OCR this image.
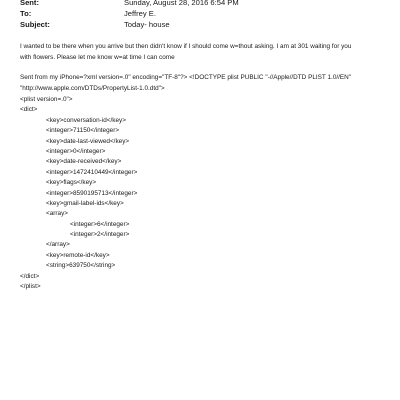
Sent:	Sunday, August 28, 2016 6:54 PM
To:	Jeffrey E.
Subject:	Today- house
I wanted to be there when you arrive but then didn't know if I should come w=thout asking. I am at 301 waiting for you
with flowers. Please let me know w=at time I can come
Sent from my iPhone=?xml version=.0" encoding="TF-8"?> <!DOCTYPE plist PUBLIC "-//Apple//DTD PLIST 1.0//EN"
"http://www.apple.com/DTDs/PropertyList-1.0.dtd">
<plist version=.0">
<dict>
<key>conversation-id</key>
<integer>71150</integer>
<key>date-last-viewed</key>
<integer>0</integer>
<key>date-received</key>
<integer>1472410449</integer>
<key>flags</key>
<integer>8590195713</integer>
<key>gmail-label-ids</key>
<array>
<integer>6</integer>
<integer>2</integer>
</array>
<key>remote-id</key>
<string>639750</string>
</dict>
</plist>
